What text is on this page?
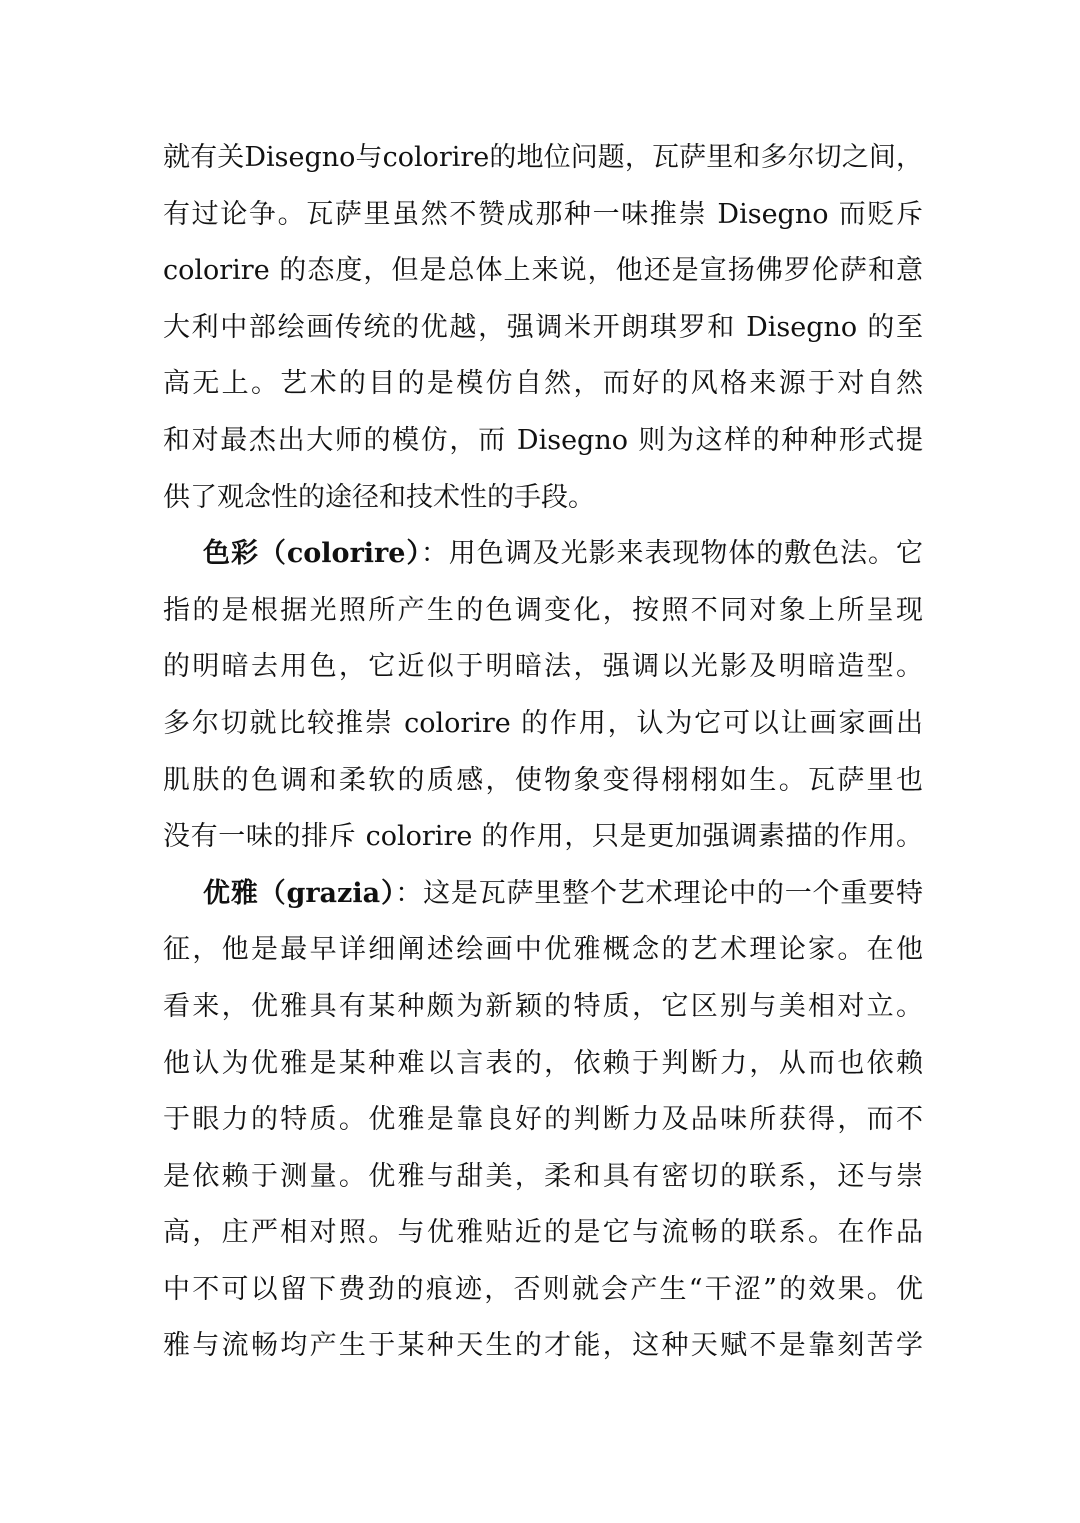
就有关Disegno与colorire的地位问题，瓦萨里和多尔切之间，
有过论争。瓦萨里虽然不赞成那种一味推崇 Disegno 而贬斥
colorire 的态度，但是总体上来说，他还是宣扬佛罗伦萨和意
大利中部绘画传统的优越，强调米开朗琪罗和 Disegno 的至
高无上。艺术的目的是模仿自然，而好的风格来源于对自然
和对最杰出大师的模仿，而 Disegno 则为这样的种种形式提
供了观念性的途径和技术性的手段。
色彩（colorire）：用色调及光影来表现物体的敷色法。它
指的是根据光照所产生的色调变化，按照不同对象上所呈现
的明暗去用色，它近似于明暗法，强调以光影及明暗造型。
多尔切就比较推崇 colorire 的作用，认为它可以让画家画出
肌肤的色调和柔软的质感，使物象变得栩栩如生。瓦萨里也
没有一味的排斥 colorire 的作用，只是更加强调素描的作用。
优雅（grazia）：这是瓦萨里整个艺术理论中的一个重要特
征，他是最早详细阐述绘画中优雅概念的艺术理论家。在他
看来，优雅具有某种颇为新颖的特质，它区别与美相对立。
他认为优雅是某种难以言表的，依赖于判断力，从而也依赖
于眼力的特质。优雅是靠良好的判断力及品味所获得，而不
是依赖于测量。优雅与甜美，柔和具有密切的联系，还与崇
高，庄严相对照。与优雅贴近的是它与流畅的联系。在作品
中不可以留下费劲的痕迹，否则就会产生“干涩”的效果。优
雅与流畅均产生于某种天生的才能，这种天赋不是靠刻苦学
